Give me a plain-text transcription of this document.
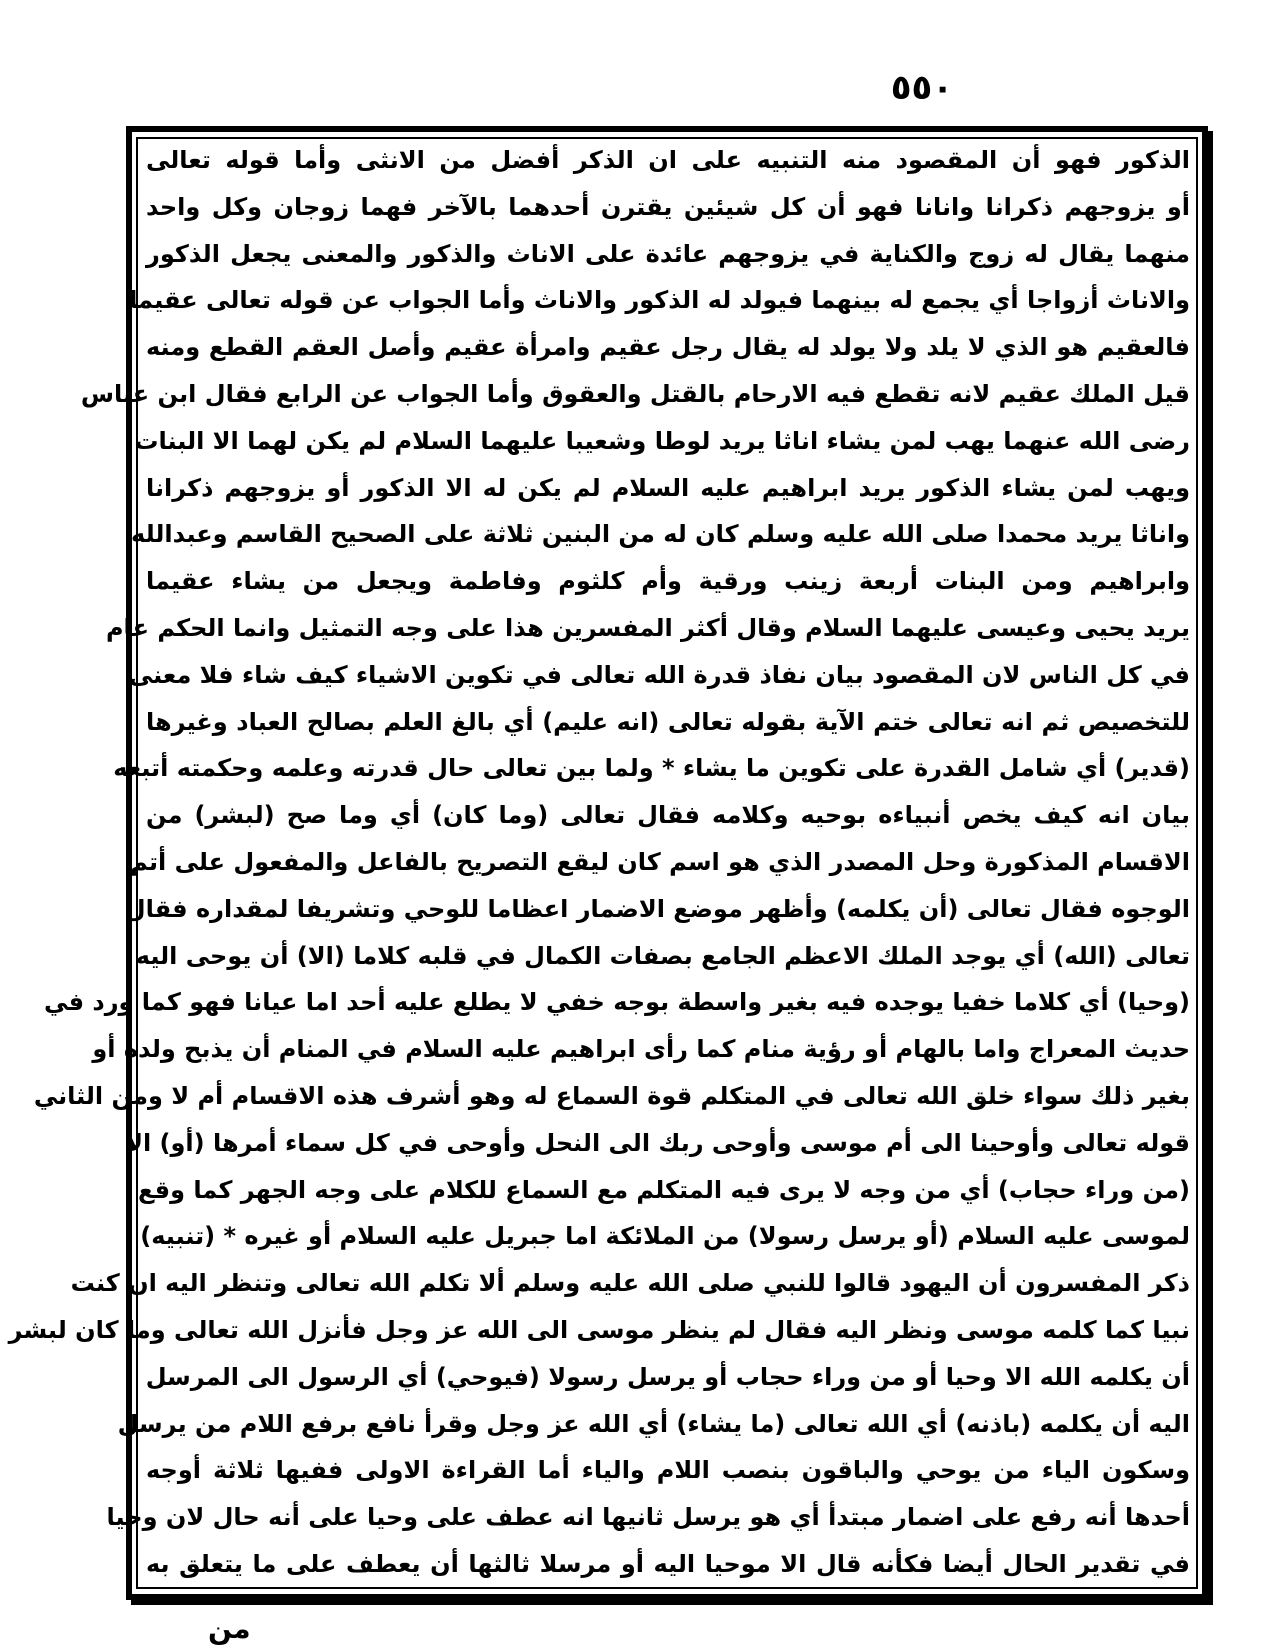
٥٥٠
الذكور فهو أن المقصود منه التنبيه على ان الذكر أفضل من الانثى وأما قوله تعالى
أو يزوجهم ذكرانا وانانا فهو أن كل شيئين يقترن أحدهما بالآخر فهما زوجان وكل واحد
منهما يقال له زوج والكناية في يزوجهم عائدة على الاناث والذكور والمعنى يجعل الذكور
والاناث أزواجا أي يجمع له بينهما فيولد له الذكور والاناث وأما الجواب عن قوله تعالى عقيما
فالعقيم هو الذي لا يلد ولا يولد له يقال رجل عقيم وامرأة عقيم وأصل العقم القطع ومنه
قيل الملك عقيم لانه تقطع فيه الارحام بالقتل والعقوق وأما الجواب عن الرابع فقال ابن عباس
رضى الله عنهما يهب لمن يشاء اناثا يريد لوطا وشعيبا عليهما السلام لم يكن لهما الا البنات
ويهب لمن يشاء الذكور يريد ابراهيم عليه السلام لم يكن له الا الذكور أو يزوجهم ذكرانا
واناثا يريد محمدا صلى الله عليه وسلم كان له من البنين ثلاثة على الصحيح القاسم وعبدالله
وابراهيم ومن البنات أربعة زينب ورقية وأم كلثوم وفاطمة ويجعل من يشاء عقيما
يريد يحيى وعيسى عليهما السلام وقال أكثر المفسرين هذا على وجه التمثيل وانما الحكم عام
في كل الناس لان المقصود بيان نفاذ قدرة الله تعالى في تكوين الاشياء كيف شاء فلا معنى
للتخصيص ثم انه تعالى ختم الآية بقوله تعالى (انه عليم) أي بالغ العلم بصالح العباد وغيرها
(قدير) أي شامل القدرة على تكوين ما يشاء * ولما بين تعالى حال قدرته وعلمه وحكمته أتبعه
بيان انه كيف يخص أنبياءه بوحيه وكلامه فقال تعالى (وما كان) أي وما صح (لبشر) من
الاقسام المذكورة وحل المصدر الذي هو اسم كان ليقع التصريح بالفاعل والمفعول على أتم
الوجوه فقال تعالى (أن يكلمه) وأظهر موضع الاضمار اعظاما للوحي وتشريفا لمقداره فقال
تعالى (الله) أي يوجد الملك الاعظم الجامع بصفات الكمال في قلبه كلاما (الا) أن يوحى اليه
(وحيا) أي كلاما خفيا يوجده فيه بغير واسطة بوجه خفي لا يطلع عليه أحد اما عيانا فهو كما ورد في
حديث المعراج واما بالهام أو رؤية منام كما رأى ابراهيم عليه السلام في المنام أن يذبح ولده أو
بغير ذلك سواء خلق الله تعالى في المتكلم قوة السماع له وهو أشرف هذه الاقسام أم لا ومن الثاني
قوله تعالى وأوحينا الى أم موسى وأوحى ربك الى النحل وأوحى في كل سماء أمرها (أو) الا
(من وراء حجاب) أي من وجه لا يرى فيه المتكلم مع السماع للكلام على وجه الجهر كما وقع
لموسى عليه السلام (أو يرسل رسولا) من الملائكة اما جبريل عليه السلام أو غيره * (تنبيه)
ذكر المفسرون أن اليهود قالوا للنبي صلى الله عليه وسلم ألا تكلم الله تعالى وتنظر اليه ان كنت
نبيا كما كلمه موسى ونظر اليه فقال لم ينظر موسى الى الله عز وجل فأنزل الله تعالى وما كان لبشر
أن يكلمه الله الا وحيا أو من وراء حجاب أو يرسل رسولا (فيوحي) أي الرسول الى المرسل
اليه أن يكلمه (باذنه) أي الله تعالى (ما يشاء) أي الله عز وجل وقرأ نافع برفع اللام من يرسل
وسكون الياء من يوحي والباقون بنصب اللام والياء أما القراءة الاولى ففيها ثلاثة أوجه
أحدها أنه رفع على اضمار مبتدأ أي هو يرسل ثانيها انه عطف على وحيا على أنه حال لان وحيا
في تقدير الحال أيضا فكأنه قال الا موحيا اليه أو مرسلا ثالثها أن يعطف على ما يتعلق به
من
